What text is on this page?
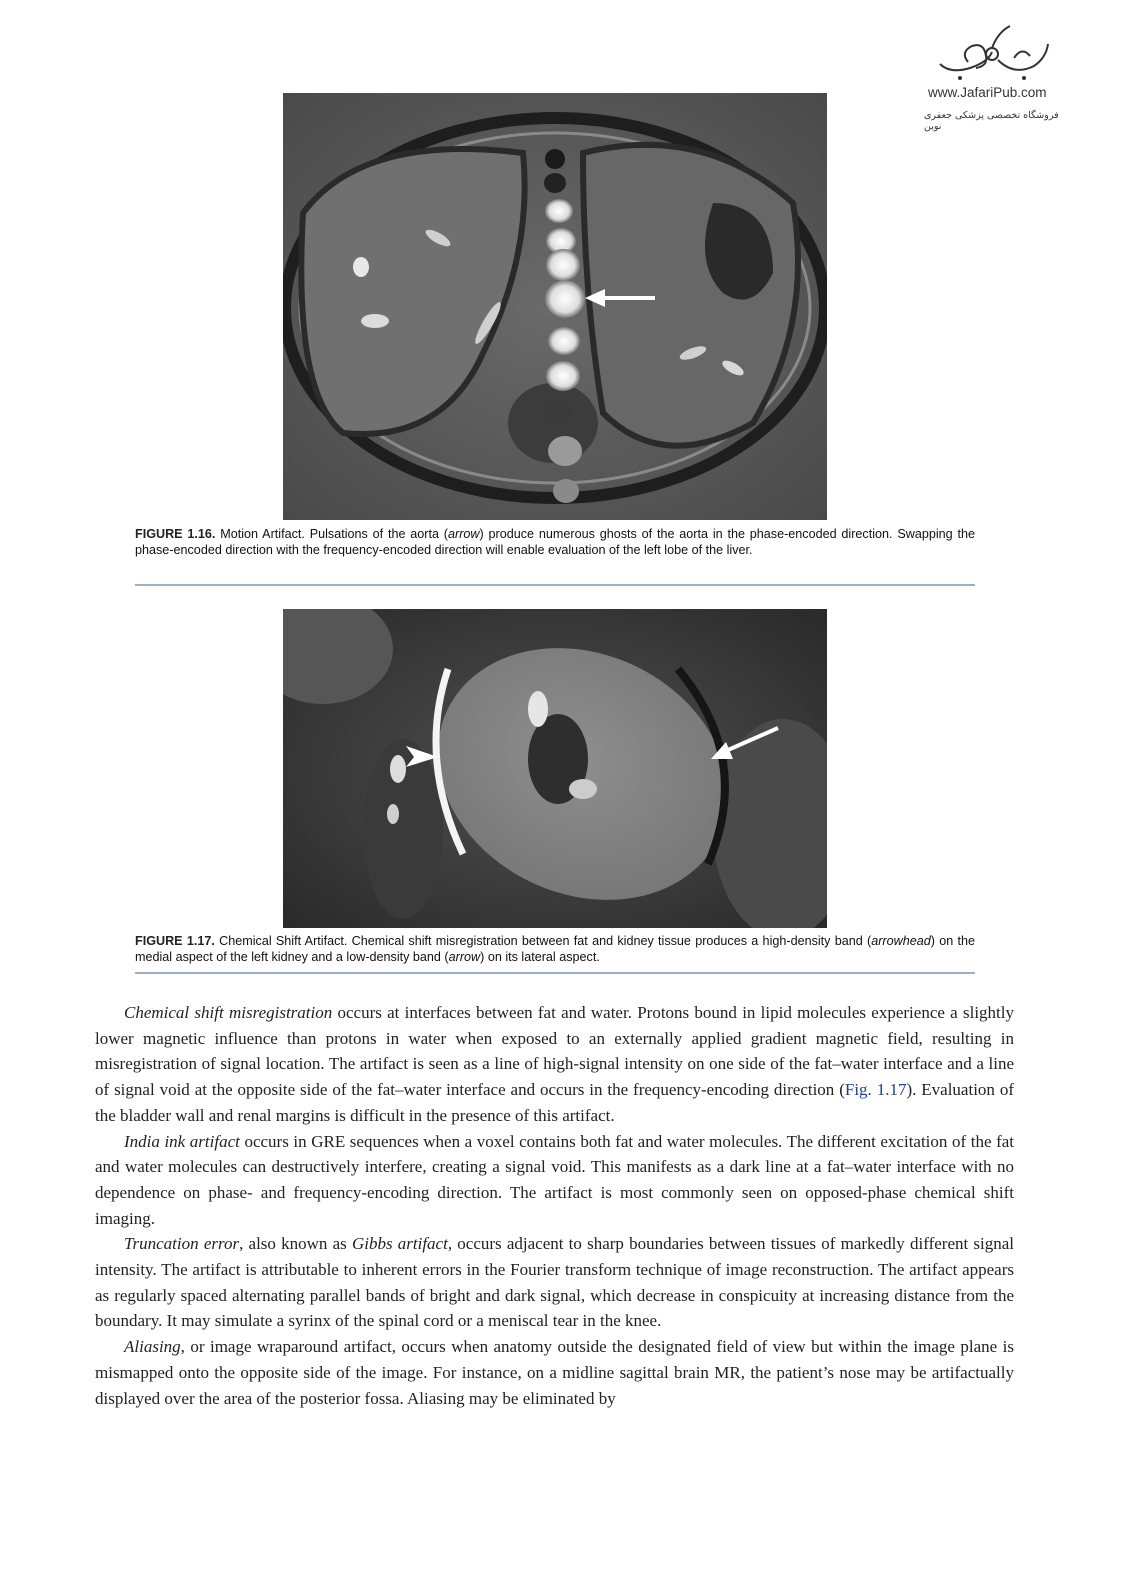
www.JafariPub.com
فروشگاه تخصصی پزشکی جعفری نوین
FIGURE 1.16. Motion Artifact. Pulsations of the aorta (arrow) produce numerous ghosts of the aorta in the phase-encoded direction. Swapping the phase-encoded direction with the frequency-encoded direction will enable evaluation of the left lobe of the liver.
FIGURE 1.17. Chemical Shift Artifact. Chemical shift misregistration between fat and kidney tissue produces a high-density band (arrowhead) on the medial aspect of the left kidney and a low-density band (arrow) on its lateral aspect.

Chemical shift misregistration occurs at interfaces between fat and water. Protons bound in lipid molecules experience a slightly lower magnetic influence than protons in water when exposed to an externally applied gradient magnetic field, resulting in misregistration of signal location. The artifact is seen as a line of high-signal intensity on one side of the fat–water interface and a line of signal void at the opposite side of the fat–water interface and occurs in the frequency-encoding direction (Fig. 1.17). Evaluation of the bladder wall and renal margins is difficult in the presence of this artifact.

India ink artifact occurs in GRE sequences when a voxel contains both fat and water molecules. The different excitation of the fat and water molecules can destructively interfere, creating a signal void. This manifests as a dark line at a fat–water interface with no dependence on phase- and frequency-encoding direction. The artifact is most commonly seen on opposed-phase chemical shift imaging.

Truncation error, also known as Gibbs artifact, occurs adjacent to sharp boundaries between tissues of markedly different signal intensity. The artifact is attributable to inherent errors in the Fourier transform technique of image reconstruction. The artifact appears as regularly spaced alternating parallel bands of bright and dark signal, which decrease in conspicuity at increasing distance from the boundary. It may simulate a syrinx of the spinal cord or a meniscal tear in the knee.

Aliasing, or image wraparound artifact, occurs when anatomy outside the designated field of view but within the image plane is mismapped onto the opposite side of the image. For instance, on a midline sagittal brain MR, the patient’s nose may be artifactually displayed over the area of the posterior fossa. Aliasing may be eliminated by
